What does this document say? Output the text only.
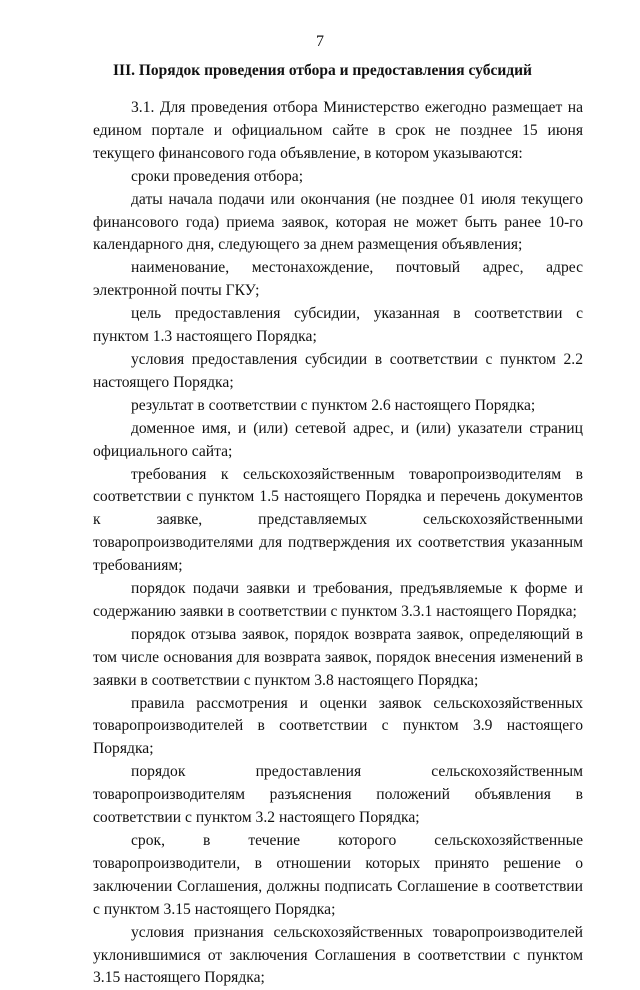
7
III. Порядок проведения отбора и предоставления субсидий

3.1. Для проведения отбора Министерство ежегодно размещает на едином портале и официальном сайте в срок не позднее 15 июня текущего финансового года объявление, в котором указываются:

сроки проведения отбора;

даты начала подачи или окончания (не позднее 01 июля текущего финансового года) приема заявок, которая не может быть ранее 10-го календарного дня, следующего за днем размещения объявления;

наименование, местонахождение, почтовый адрес, адрес электронной почты ГКУ;

цель предоставления субсидии, указанная в соответствии с пунктом 1.3 настоящего Порядка;

условия предоставления субсидии в соответствии с пунктом 2.2 настоящего Порядка;

результат в соответствии с пунктом 2.6 настоящего Порядка;

доменное имя, и (или) сетевой адрес, и (или) указатели страниц официального сайта;

требования к сельскохозяйственным товаропроизводителям в соответствии с пунктом 1.5 настоящего Порядка и перечень документов к заявке, представляемых сельскохозяйственными товаропроизводителями для подтверждения их соответствия указанным требованиям;

порядок подачи заявки и требования, предъявляемые к форме и содержанию заявки в соответствии с пунктом 3.3.1 настоящего Порядка;

порядок отзыва заявок, порядок возврата заявок, определяющий в том числе основания для возврата заявок, порядок внесения изменений в заявки в соответствии с пунктом 3.8 настоящего Порядка;

правила рассмотрения и оценки заявок сельскохозяйственных товаропроизводителей в соответствии с пунктом 3.9 настоящего Порядка;

порядок предоставления сельскохозяйственным товаропроизводителям разъяснения положений объявления в соответствии с пунктом 3.2 настоящего Порядка;

срок, в течение которого сельскохозяйственные товаропроизводители, в отношении которых принято решение о заключении Соглашения, должны подписать Соглашение в соответствии с пунктом 3.15 настоящего Порядка;

условия признания сельскохозяйственных товаропроизводителей уклонившимися от заключения Соглашения в соответствии с пунктом 3.15 настоящего Порядка;
